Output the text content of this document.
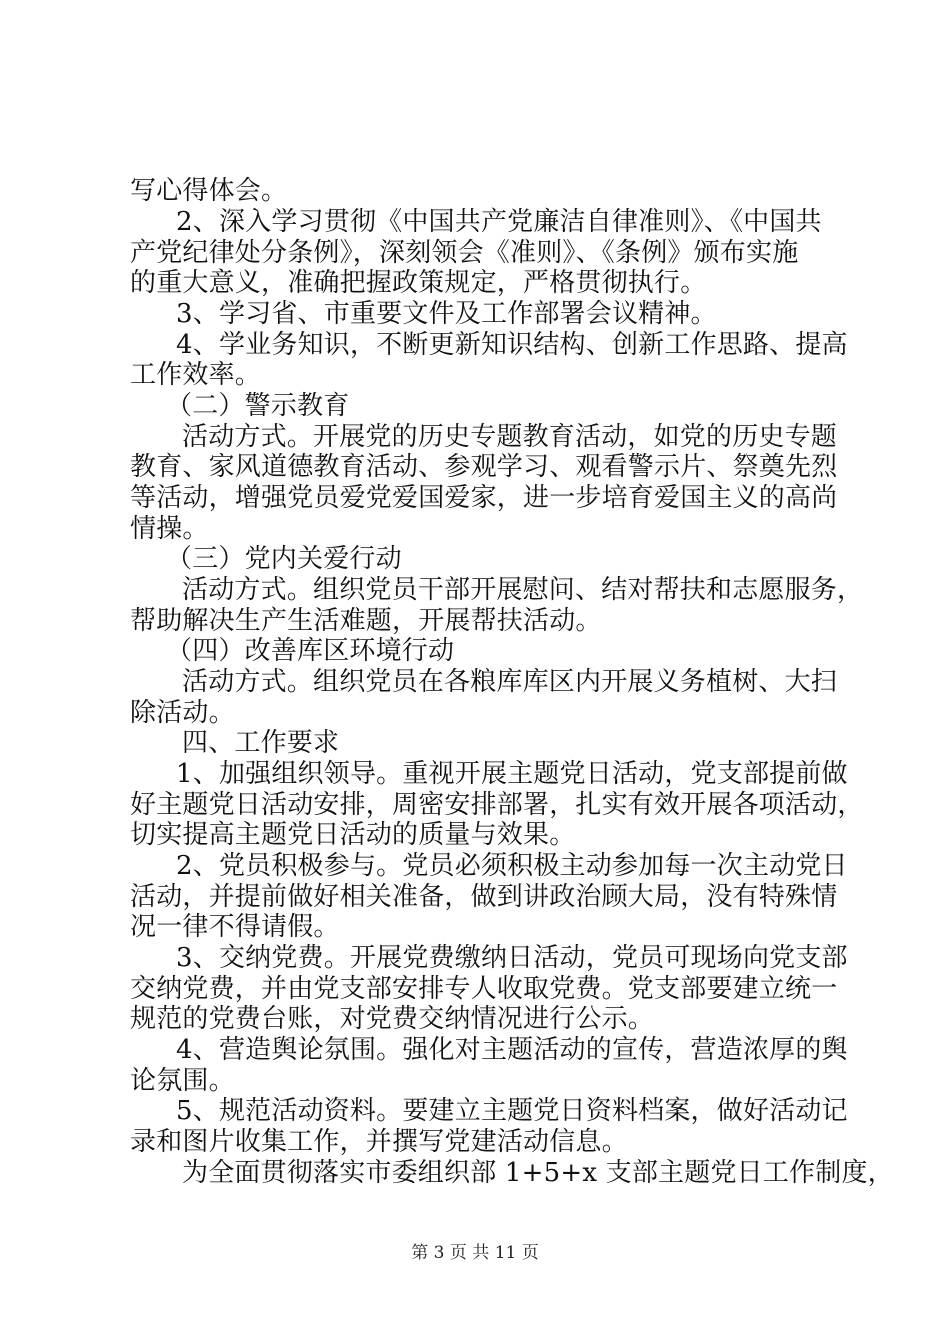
写心得体会。
2、深入学习贯彻《中国共产党廉洁自律准则》、《中国共
产党纪律处分条例》，深刻领会《准则》、《条例》颁布实施
的重大意义，准确把握政策规定，严格贯彻执行。
3、学习省、市重要文件及工作部署会议精神。
4、学业务知识，不断更新知识结构、创新工作思路、提高
工作效率。
（二）警示教育
活动方式。开展党的历史专题教育活动，如党的历史专题
教育、家风道德教育活动、参观学习、观看警示片、祭奠先烈
等活动，增强党员爱党爱国爱家，进一步培育爱国主义的高尚
情操。
（三）党内关爱行动
活动方式。组织党员干部开展慰问、结对帮扶和志愿服务，
帮助解决生产生活难题，开展帮扶活动。
（四）改善库区环境行动
活动方式。组织党员在各粮库库区内开展义务植树、大扫
除活动。
四、工作要求
1、加强组织领导。重视开展主题党日活动，党支部提前做
好主题党日活动安排，周密安排部署，扎实有效开展各项活动，
切实提高主题党日活动的质量与效果。
2、党员积极参与。党员必须积极主动参加每一次主动党日
活动，并提前做好相关准备，做到讲政治顾大局，没有特殊情
况一律不得请假。
3、交纳党费。开展党费缴纳日活动，党员可现场向党支部
交纳党费，并由党支部安排专人收取党费。党支部要建立统一
规范的党费台账，对党费交纳情况进行公示。
4、营造舆论氛围。强化对主题活动的宣传，营造浓厚的舆
论氛围。
5、规范活动资料。要建立主题党日资料档案，做好活动记
录和图片收集工作，并撰写党建活动信息。
为全面贯彻落实市委组织部 1+5+x 支部主题党日工作制度，
第 3 页 共 11 页
